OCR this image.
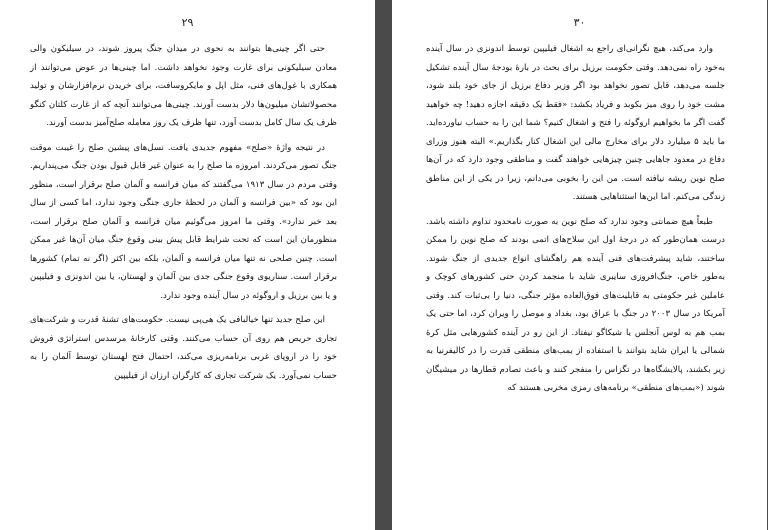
۲۹

حتی اگر چینی‌ها بتوانند به نحوی در میدان جنگ پیروز شوند، در سیلیکون والی معادن سیلیکونی برای غارت وجود نخواهد داشت. اما چینی‌ها در عوض می‌توانند از همکاری با غول‌های فنی، مثل اپل و مایکروسافت، برای خریدن نرم‌افزارشان و تولید محصولاتشان میلیون‌ها دلار بدست آورند. چینی‌ها می‌توانند آنچه که از غارت کلتان کنگو ظرف یک سال کامل بدست آورد، تنها ظرف یک روز معامله صلح‌آمیز بدست آورند.

در نتیجه واژهٔ «صلح» مفهوم جدیدی یافت. نسل‌های پیشین صلح را غیبت موقت جنگ تصور می‌کردند. امروزه ما صلح را به عنوان غیر قابل قبول بودن جنگ می‌پنداریم. وقتی مردم در سال ۱۹۱۳ می‌گفتند که میان فرانسه و آلمان صلح برقرار است، منظور این بود که «بین فرانسه و آلمان در لحظهٔ جاری جنگی وجود ندارد، اما کسی از سال بعد خبر ندارد». وقتی ما امروز می‌گوئیم میان فرانسه و آلمان صلح برقرار است، منظورمان این است که تحت شرایط قابل پیش بینی وقوع جنگ میان آن‌ها غیر ممکن است. چنین صلحی نه تنها میان فرانسه و آلمان، بلکه بین اکثر (اگر نه تمام) کشورها برقرار است. سناریوی وقوع جنگی جدی بین آلمان و لهستان، یا بین اندونزی و فیلیپین و یا بین برزیل و اروگوئه در سال آینده وجود ندارد.

این صلح جدید تنها خیالبافی یک هی‌پی نیست. حکومت‌های تشنهٔ قدرت و شرکت‌های تجاری حریص هم روی آن حساب می‌کنند. وقتی کارخانهٔ مرسدس استراتژی فروش خود را در اروپای غربی برنامه‌ریزی می‌کند، احتمال فتح لهستان توسط آلمان را به حساب نمی‌آورد. یک شرکت تجاری که کارگران ارزان از فیلیپین

۳۰

وارد می‌کند، هیچ نگرانی‌ای راجع به اشغال فیلیپین توسط اندونزی در سال آینده به‌خود راه نمی‌دهد. وقتی حکومت برزیل برای بحث در بارهٔ بودجهٔ سال آینده تشکیل جلسه می‌دهد، قابل تصور نخواهد بود اگر وزیر دفاع برزیل از جای خود بلند شود، مشت خود را روی میز بکوبد و فریاد بکشد: «فقط یک دقیقه اجازه دهید! چه خواهید گفت اگر ما بخواهیم اروگوئه را فتح و اشغال کنیم؟ شما این را به حساب نیاورده‌اید. ما باید ۵ میلیارد دلار برای مخارج مالی این اشغال کنار بگذاریم.» البته هنوز وزرای دفاع در معدود جاهایی چنین چیزهایی خواهند گفت و مناطقی وجود دارد که در آن‌ها صلح نوین ریشه نیافته است. من این را بخوبی می‌دانم، زیرا در یکی از این مناطق زندگی می‌کنم. اما این‌ها استثناهایی هستند.

طبعاً هیچ ضمانتی وجود ندارد که صلح نوین به صورت نامحدود تداوم داشته باشد. درست همان‌طور که در درجهٔ اول این سلاح‌های اتمی بودند که صلح نوین را ممکن ساختند، شاید پیشرفت‌های فنی آینده هم راهگشای انواع جدیدی از جنگ شوند. به‌طور خاص، جنگ‌افروزی سایبری شاید با منجمد کردن حتی کشورهای کوچک و عاملین غیر حکومتی به قابلیت‌های فوق‌العاده مؤثر جنگی، دنیا را بی‌ثبات کند. وقتی آمریکا در سال ۲۰۰۳ در جنگ با عراق بود، بغداد و موصل را ویران کرد، اما حتی یک بمب هم به لوس آنجلس یا شیکاگو نیفتاد. از این رو در آینده کشورهایی مثل کرهٔ شمالی یا ایران شاید بتوانند با استفاده از بمب‌های منطقی قدرت را در کالیفرنیا به زیر بکشند، پالایشگاه‌ها در تگزاس را منفجر کنند و باعث تصادم قطارها در میشیگان شوند («بمب‌های منطقی» برنامه‌های رمزی مخربی هستند که
